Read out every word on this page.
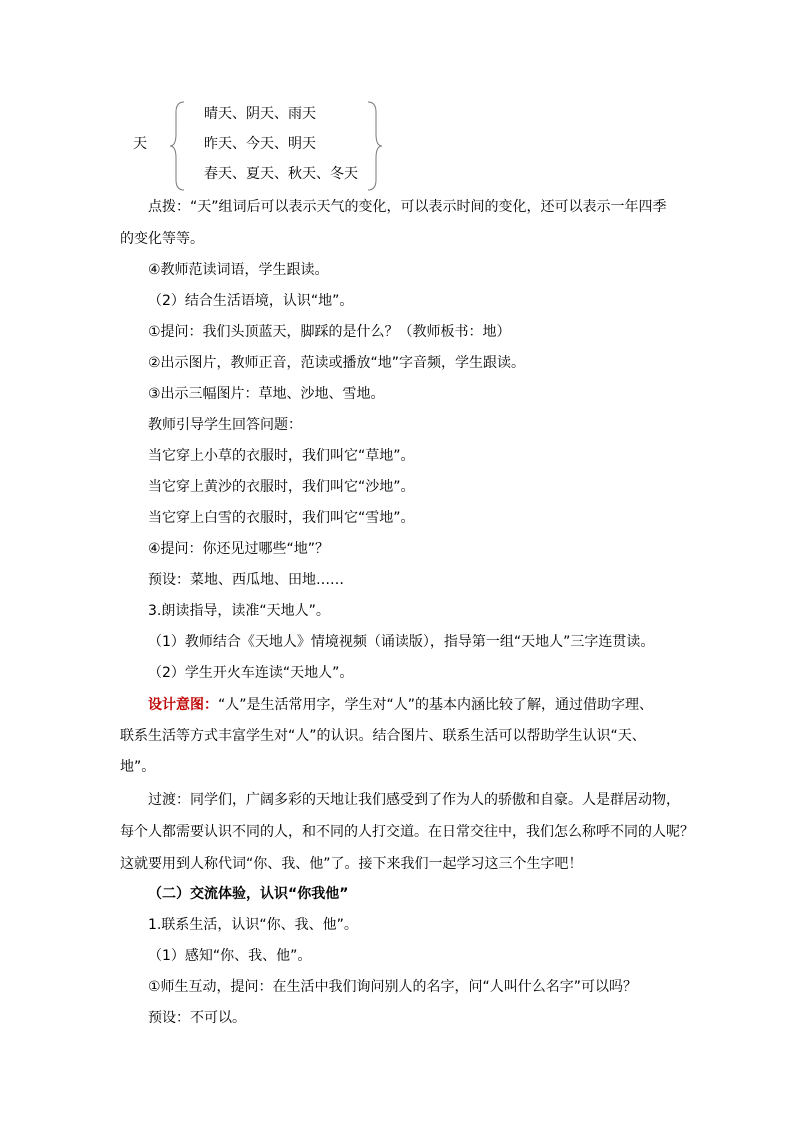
天
晴天、阴天、雨天
昨天、今天、明天
春天、夏天、秋天、冬天
点拨：“天”组词后可以表示天气的变化，可以表示时间的变化，还可以表示一年四季
的变化等等。
④教师范读词语，学生跟读。
（2）结合生活语境，认识“地”。
①提问：我们头顶蓝天，脚踩的是什么？（教师板书：地）
②出示图片，教师正音，范读或播放“地”字音频，学生跟读。
③出示三幅图片：草地、沙地、雪地。
教师引导学生回答问题：
当它穿上小草的衣服时，我们叫它“草地”。
当它穿上黄沙的衣服时，我们叫它“沙地”。
当它穿上白雪的衣服时，我们叫它“雪地”。
④提问：你还见过哪些“地”？
预设：菜地、西瓜地、田地……
3.朗读指导，读准“天地人”。
（1）教师结合《天地人》情境视频（诵读版），指导第一组“天地人”三字连贯读。
（2）学生开火车连读“天地人”。
设计意图：“人”是生活常用字，学生对“人”的基本内涵比较了解，通过借助字理、
联系生活等方式丰富学生对“人”的认识。结合图片、联系生活可以帮助学生认识“天、
地”。
过渡：同学们，广阔多彩的天地让我们感受到了作为人的骄傲和自豪。人是群居动物，
每个人都需要认识不同的人，和不同的人打交道。在日常交往中，我们怎么称呼不同的人呢？
这就要用到人称代词“你、我、他”了。接下来我们一起学习这三个生字吧！
（二）交流体验，认识“你我他”
1.联系生活，认识“你、我、他”。
（1）感知“你、我、他”。
①师生互动，提问：在生活中我们询问别人的名字，问“人叫什么名字”可以吗？
预设：不可以。
